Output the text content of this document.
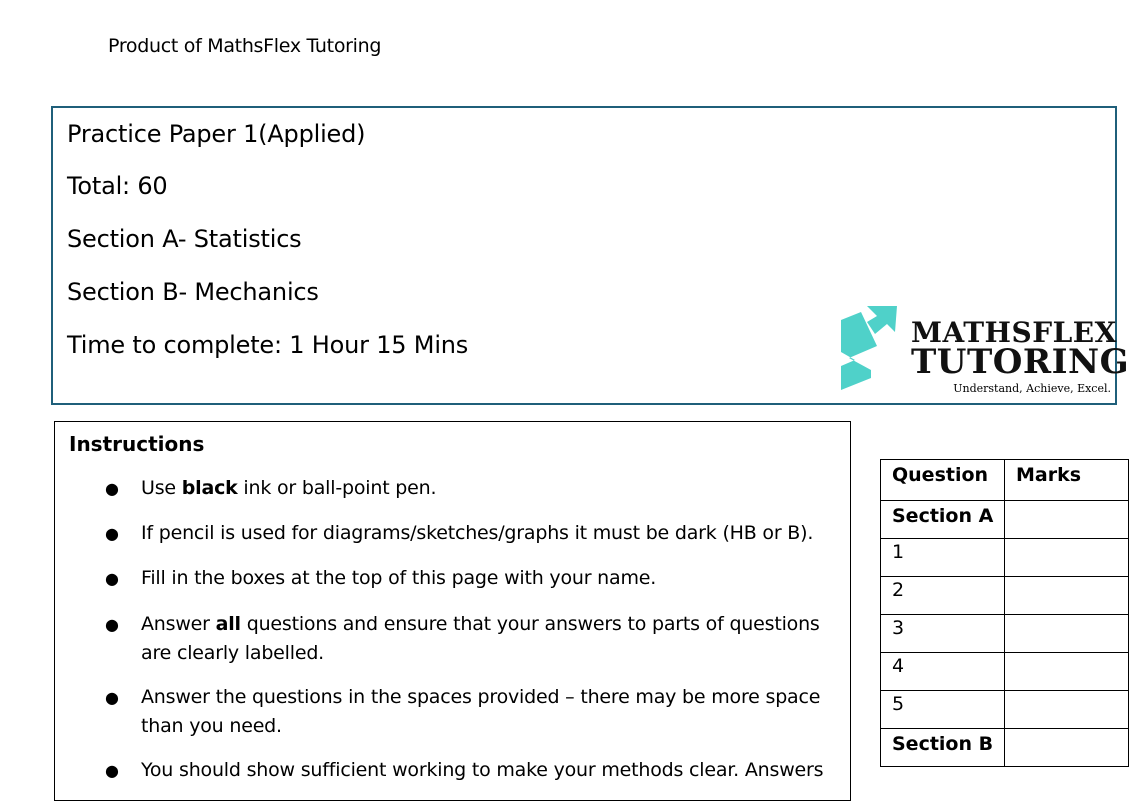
Product of MathsFlex Tutoring
Practice Paper 1(Applied)
Total: 60
Section A- Statistics
Section B- Mechanics
Time to complete: 1 Hour 15 Mins	MATHSFLEX
TUTORING
Understand, Achieve, Excel.
Instructions
● Use black ink or ball-point pen.
● If pencil is used for diagrams/sketches/graphs it must be dark (HB or B).
● Fill in the boxes at the top of this page with your name.
● Answer all questions and ensure that your answers to parts of questions are clearly labelled.
● Answer the questions in the spaces provided – there may be more space than you need.
● You should show sufficient working to make your methods clear. Answers
Question	Marks
Section A	
1	
2	
3	
4	
5	
Section B	
